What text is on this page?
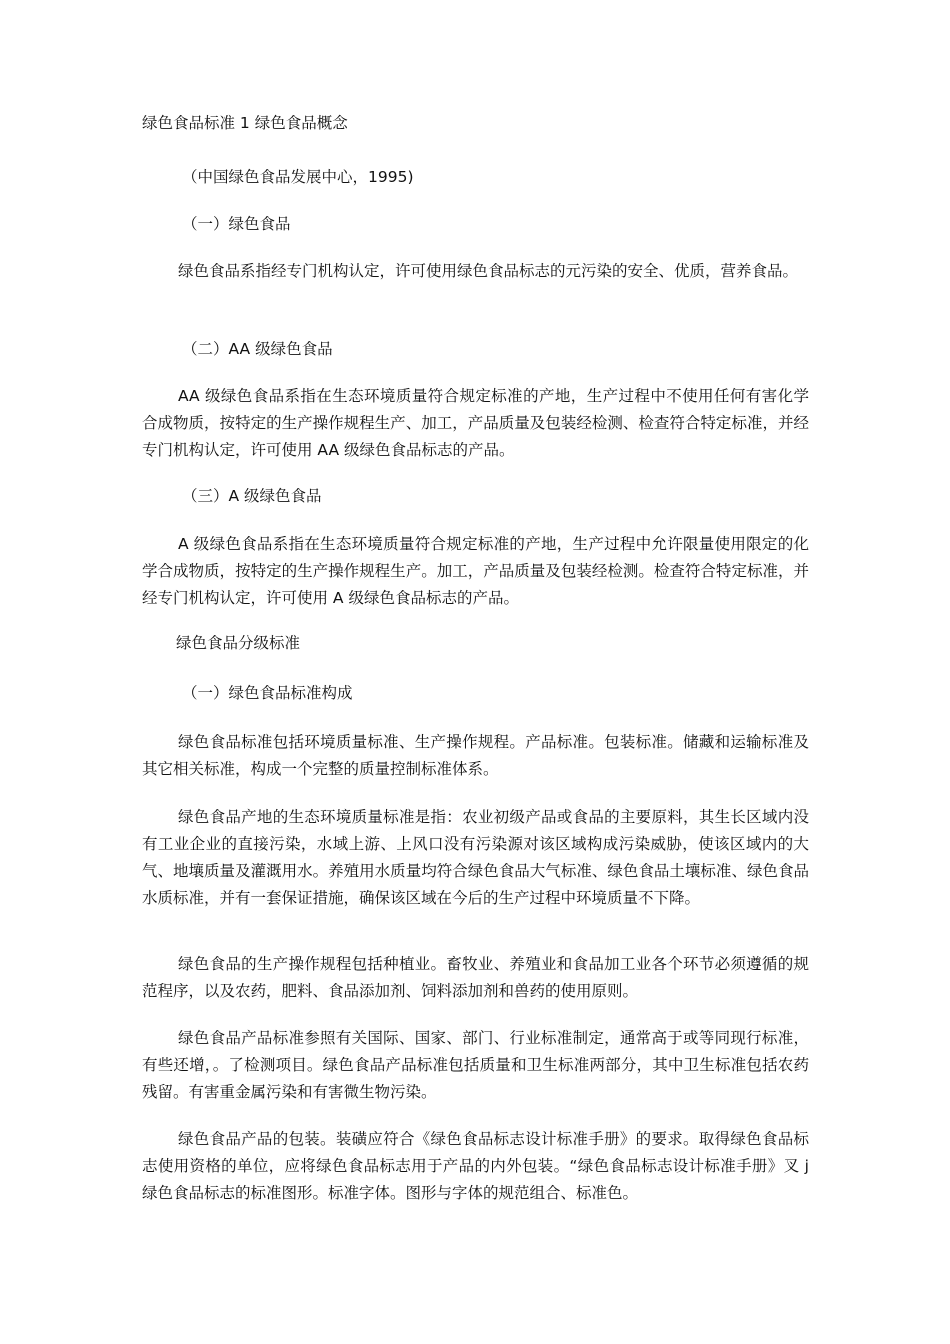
绿色食品标准 1 绿色食品概念

（中国绿色食品发展中心，1995)

（一）绿色食品

绿色食品系指经专门机构认定，许可使用绿色食品标志的元污染的安全、优质，营养食品。

（二）AA 级绿色食品

AA 级绿色食品系指在生态环境质量符合规定标准的产地，生产过程中不使用任何有害化学合成物质，按特定的生产操作规程生产、加工，产品质量及包装经检测、检查符合特定标准，并经专门机构认定，许可使用 AA 级绿色食品标志的产品。

（三）A 级绿色食品

A 级绿色食品系指在生态环境质量符合规定标准的产地，生产过程中允许限量使用限定的化学合成物质，按特定的生产操作规程生产。加工，产品质量及包装经检测。检查符合特定标准，并经专门机构认定，许可使用 A 级绿色食品标志的产品。

绿色食品分级标准

（一）绿色食品标准构成

绿色食品标准包括环境质量标准、生产操作规程。产品标准。包装标准。储藏和运输标准及其它相关标准，构成一个完整的质量控制标准体系。

绿色食品产地的生态环境质量标准是指：农业初级产品或食品的主要原料，其生长区域内没有工业企业的直接污染，水域上游、上风口没有污染源对该区域构成污染威胁，使该区域内的大气、地壤质量及灌溉用水。养殖用水质量均符合绿色食品大气标准、绿色食品土壤标准、绿色食品水质标准，并有一套保证措施，确保该区域在今后的生产过程中环境质量不下降。

绿色食品的生产操作规程包括种植业。畜牧业、养殖业和食品加工业各个环节必须遵循的规范程序，以及农药，肥料、食品添加剂、饲料添加剂和兽药的使用原则。

绿色食品产品标准参照有关国际、国家、部门、行业标准制定，通常高于或等同现行标准，有些还增，。了检测项目。绿色食品产品标准包括质量和卫生标准两部分，其中卫生标准包括农药残留。有害重金属污染和有害微生物污染。

绿色食品产品的包装。装磺应符合《绿色食品标志设计标准手册》的要求。取得绿色食品标志使用资格的单位，应将绿色食品标志用于产品的内外包装。“绿色食品标志设计标准手册》叉 j 绿色食品标志的标准图形。标准字体。图形与字体的规范组合、标准色。
